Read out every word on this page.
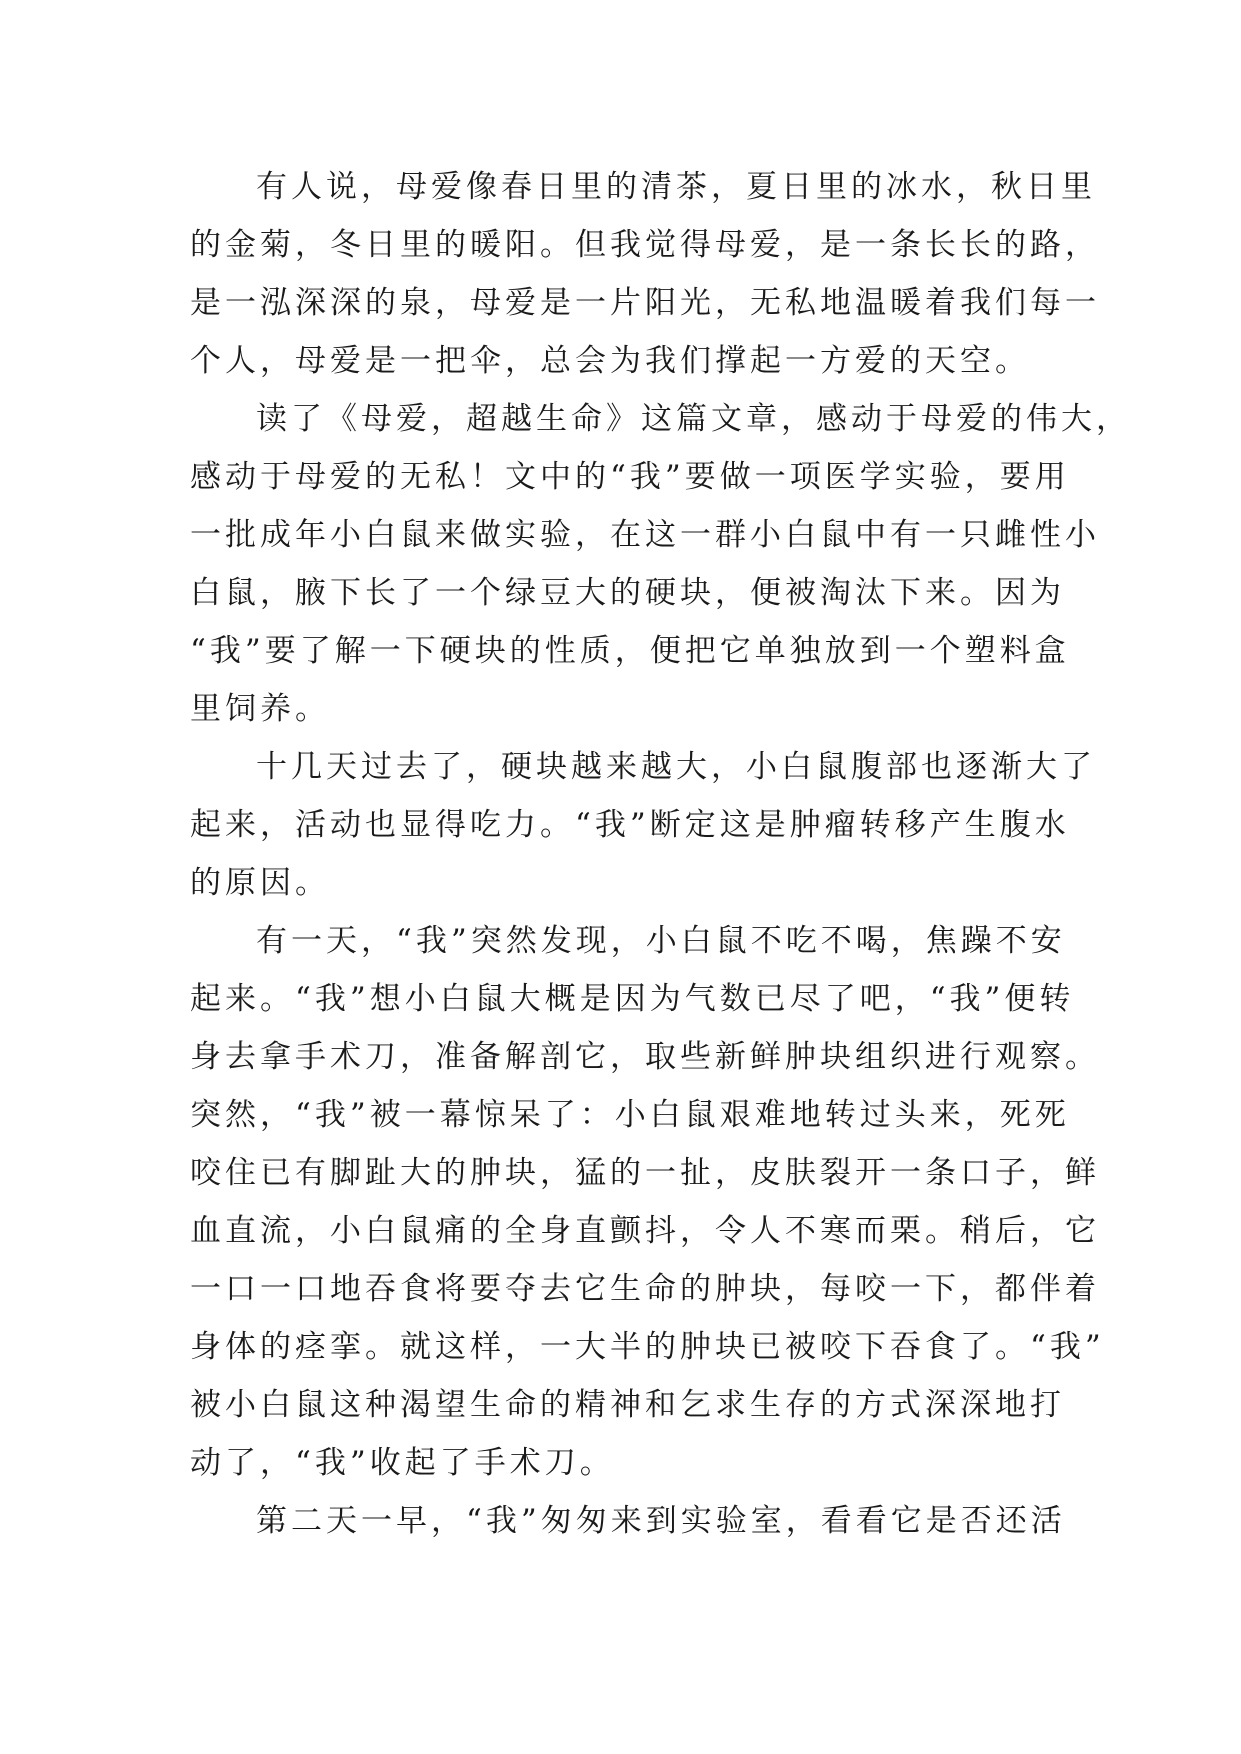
有人说，母爱像春日里的清茶，夏日里的冰水，秋日里
的金菊，冬日里的暖阳。但我觉得母爱，是一条长长的路，
是一泓深深的泉，母爱是一片阳光，无私地温暖着我们每一
个人，母爱是一把伞，总会为我们撑起一方爱的天空。
读了《母爱，超越生命》这篇文章，感动于母爱的伟大，
感动于母爱的无私！文中的“我”要做一项医学实验，要用
一批成年小白鼠来做实验，在这一群小白鼠中有一只雌性小
白鼠，腋下长了一个绿豆大的硬块，便被淘汰下来。因为
“我”要了解一下硬块的性质，便把它单独放到一个塑料盒
里饲养。
十几天过去了，硬块越来越大，小白鼠腹部也逐渐大了
起来，活动也显得吃力。“我”断定这是肿瘤转移产生腹水
的原因。
有一天，“我”突然发现，小白鼠不吃不喝，焦躁不安
起来。“我”想小白鼠大概是因为气数已尽了吧，“我”便转
身去拿手术刀，准备解剖它，取些新鲜肿块组织进行观察。
突然，“我”被一幕惊呆了：小白鼠艰难地转过头来，死死
咬住已有脚趾大的肿块，猛的一扯，皮肤裂开一条口子，鲜
血直流，小白鼠痛的全身直颤抖，令人不寒而栗。稍后，它
一口一口地吞食将要夺去它生命的肿块，每咬一下，都伴着
身体的痉挛。就这样，一大半的肿块已被咬下吞食了。“我”
被小白鼠这种渴望生命的精神和乞求生存的方式深深地打
动了，“我”收起了手术刀。
第二天一早，“我”匆匆来到实验室，看看它是否还活
